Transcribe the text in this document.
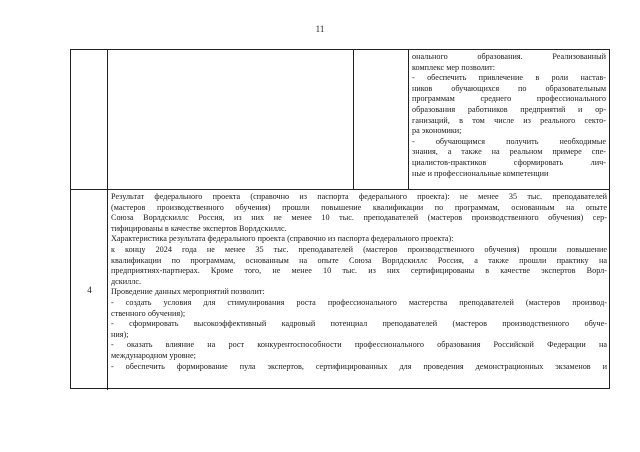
11
онального образования. Реализованный
комплекс мер позволит:
- обеспечить привлечение в роли настав-
ников обучающихся по образовательным
программам среднего профессионального
образования работников предприятий и ор-
ганизаций, в том числе из реального секто-
ра экономики;
- обучающимся получить необходимые
знания, а также на реальном примере спе-
циалистов-практиков сформировать лич-
ные и профессиональные компетенции
4
Результат федерального проекта (справочно из паспорта федерального проекта): не менее 35 тыс. преподавателей
(мастеров производственного обучения) прошли повышение квалификации по программам, основанным на опыте
Союза Ворлдскиллс Россия, из них не менее 10 тыс. преподавателей (мастеров производственного обучения) сер-
тифицированы в качестве экспертов Ворлдскиллс.
Характеристика результата федерального проекта (справочно из паспорта федерального проекта):
к концу 2024 года не менее 35 тыс. преподавателей (мастеров производственного обучения) прошли повышение
квалификации по программам, основанным на опыте Союза Ворлдскиллс Россия, а также прошли практику на
предприятиях-партнерах. Кроме того, не менее 10 тыс. из них сертифицированы в качестве экспертов Ворл-
дскиллс.
Проведение данных мероприятий позволит:
- создать условия для стимулирования роста профессионального мастерства преподавателей (мастеров производ-
ственного обучения);
- сформировать высокоэффективный кадровый потенциал преподавателей (мастеров производственного обуче-
ния);
- оказать влияние на рост конкурентоспособности профессионального образования Российской Федерации на
международном уровне;
- обеспечить формирование пула экспертов, сертифицированных для проведения демонстрационных экзаменов и
